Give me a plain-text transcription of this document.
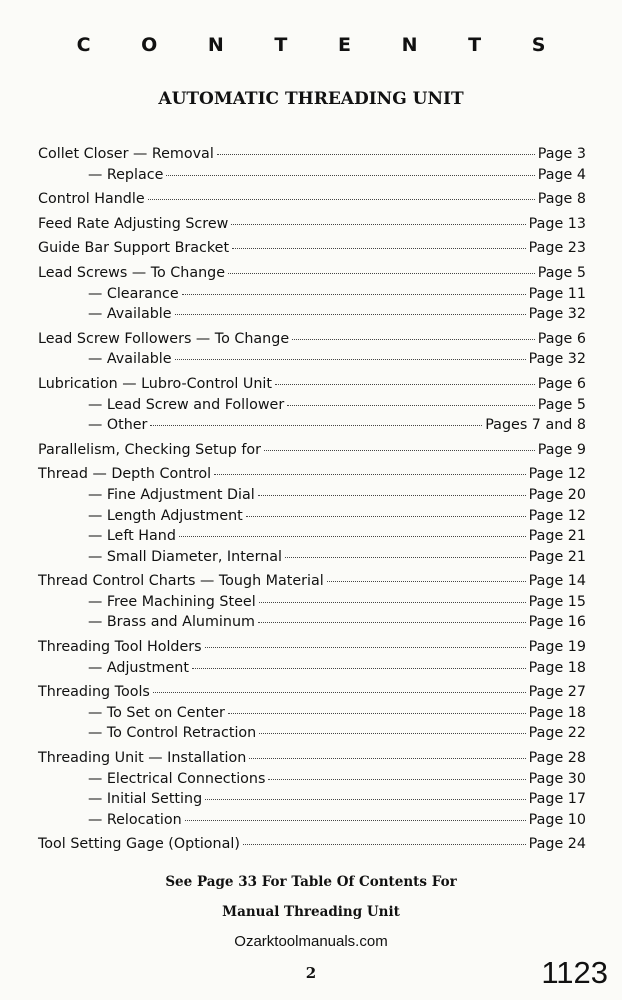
C O N T E N T S
AUTOMATIC THREADING UNIT
Collet Closer — Removal	Page 3
— Replace	Page 4
Control Handle	Page 8
Feed Rate Adjusting Screw	Page 13
Guide Bar Support Bracket	Page 23
Lead Screws — To Change	Page 5
— Clearance	Page 11
— Available	Page 32
Lead Screw Followers — To Change	Page 6
— Available	Page 32
Lubrication — Lubro-Control Unit	Page 6
— Lead Screw and Follower	Page 5
— Other	Pages 7 and 8
Parallelism, Checking Setup for	Page 9
Thread — Depth Control	Page 12
— Fine Adjustment Dial	Page 20
— Length Adjustment	Page 12
— Left Hand	Page 21
— Small Diameter, Internal	Page 21
Thread Control Charts — Tough Material	Page 14
— Free Machining Steel	Page 15
— Brass and Aluminum	Page 16
Threading Tool Holders	Page 19
— Adjustment	Page 18
Threading Tools	Page 27
— To Set on Center	Page 18
— To Control Retraction	Page 22
Threading Unit — Installation	Page 28
— Electrical Connections	Page 30
— Initial Setting	Page 17
— Relocation	Page 10
Tool Setting Gage (Optional)	Page 24
See Page 33 For Table Of Contents For
Manual Threading Unit
Ozarktoolmanuals.com
2	1123
